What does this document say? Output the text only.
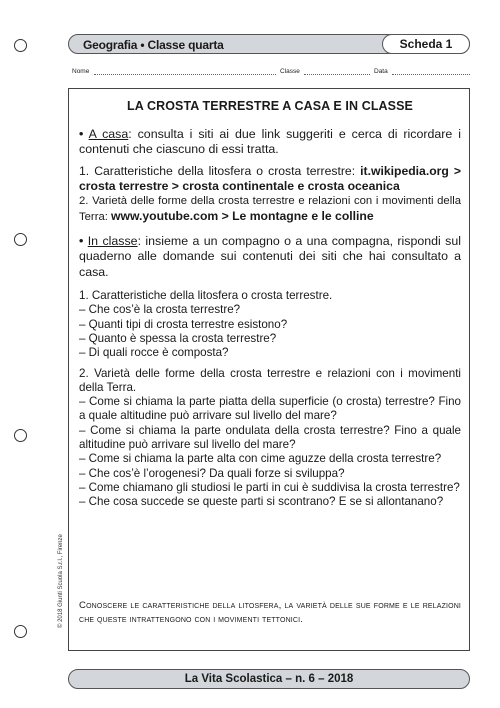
Geografia • Classe quarta	Scheda 1
Nome	Classe	Data
LA CROSTA TERRESTRE A CASA E IN CLASSE
• A casa: consulta i siti ai due link suggeriti e cerca di ricordare i contenuti che ciascuno di essi tratta.
1. Caratteristiche della litosfera o crosta terrestre: it.wikipedia.org > crosta terrestre > crosta continentale e crosta oceanica
2. Varietà delle forme della crosta terrestre e relazioni con i movimenti della Terra: www.youtube.com > Le montagne e le colline
• In classe: insieme a un compagno o a una compagna, rispondi sul quaderno alle domande sui contenuti dei siti che hai consultato a casa.
1. Caratteristiche della litosfera o crosta terrestre.
– Che cos’è la crosta terrestre?
– Quanti tipi di crosta terrestre esistono?
– Quanto è spessa la crosta terrestre?
– Di quali rocce è composta?
2. Varietà delle forme della crosta terrestre e relazioni con i movimenti della Terra.
– Come si chiama la parte piatta della superficie (o crosta) terrestre? Fino a quale altitudine può arrivare sul livello del mare?
– Come si chiama la parte ondulata della crosta terrestre? Fino a quale altitudine può arrivare sul livello del mare?
– Come si chiama la parte alta con cime aguzze della crosta terrestre?
– Che cos’è l’orogenesi? Da quali forze si sviluppa?
– Come chiamano gli studiosi le parti in cui è suddivisa la crosta terrestre?
– Che cosa succede se queste parti si scontrano? E se si allontanano?
Conoscere le caratteristiche della litosfera, la varietà delle sue forme e le relazioni che queste intrattengono con i movimenti tettonici.
© 2018 Giunti Scuola S.r.l., Firenze
La Vita Scolastica – n. 6 – 2018
